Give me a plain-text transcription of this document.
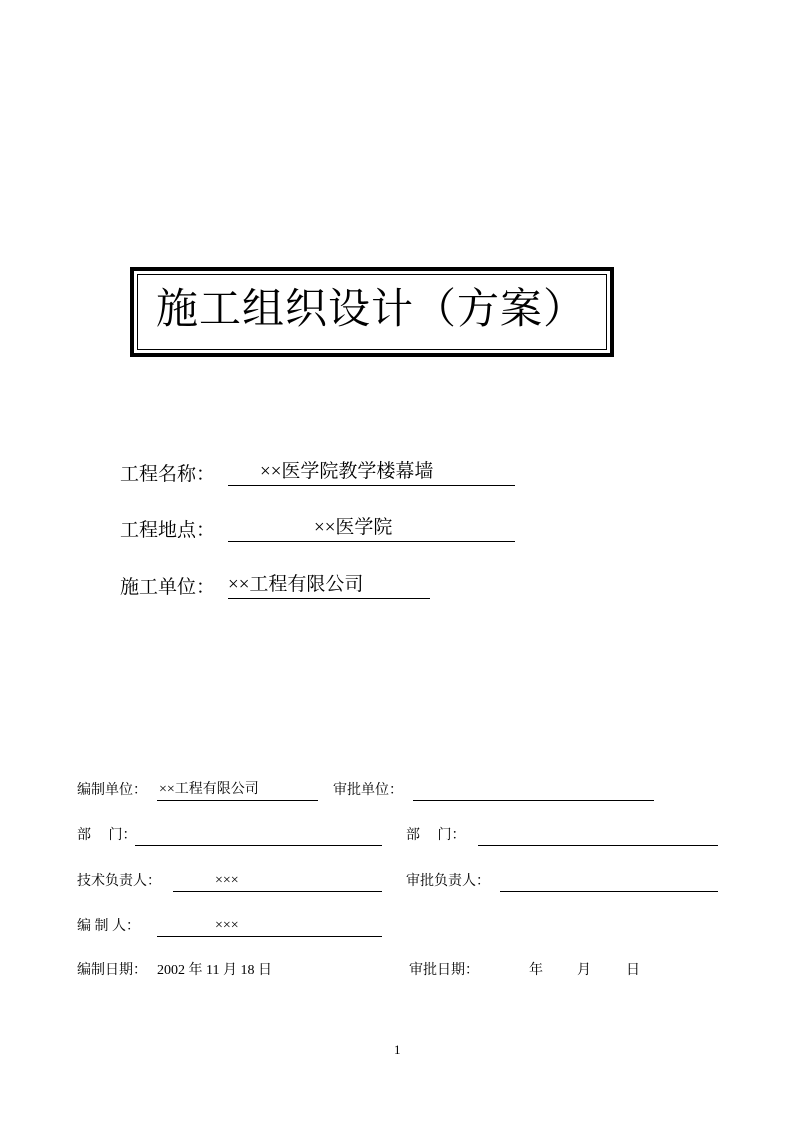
施工组织设计（方案）
工程名称： ××医学院教学楼幕墙
工程地点：	××医学院
施工单位： ××工程有限公司
编制单位： ××工程有限公司	审批单位：
部　 门：	部　 门：
技术负责人：	×××	审批负责人：
编 制 人：	×××
编制日期： 2002 年 11 月 18 日	审批日期：	年 月	日
1
